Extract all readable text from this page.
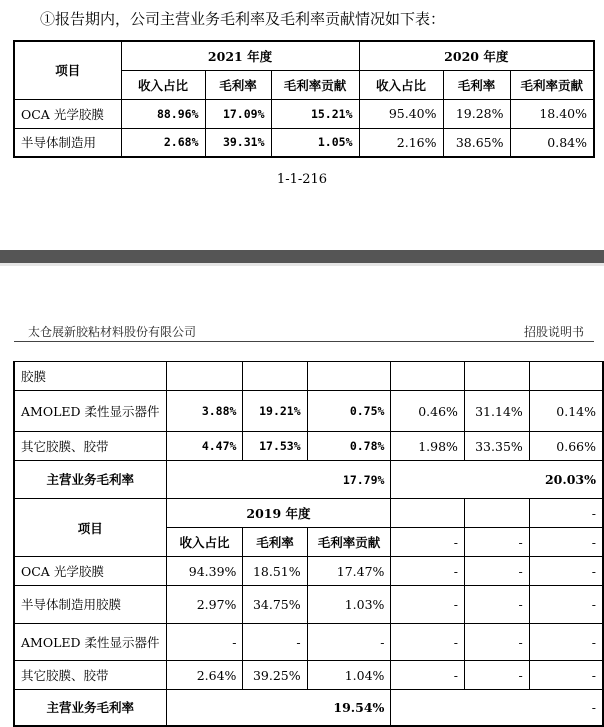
①报告期内，公司主营业务毛利率及毛利率贡献情况如下表：
项目	2021 年度			2020 年度		
	收入占比	毛利率	毛利率贡献	收入占比	毛利率	毛利率贡献
OCA 光学胶膜	88.96%	17.09%	15.21%	95.40%	19.28%	18.40%
半导体制造用	2.68%	39.31%	1.05%	2.16%	38.65%	0.84%
1-1-216
太仓展新胶粘材料股份有限公司	招股说明书
胶膜						
AMOLED 柔性显示器件	3.88%	19.21%	0.75%	0.46%	31.14%	0.14%
其它胶膜、胶带	4.47%	17.53%	0.78%	1.98%	33.35%	0.66%
主营业务毛利率	17.79%			20.03%		
项目	2019 年度					-
	收入占比	毛利率	毛利率贡献	-	-	-
OCA 光学胶膜	94.39%	18.51%	17.47%	-	-	-
半导体制造用胶膜	2.97%	34.75%	1.03%	-	-	-
AMOLED 柔性显示器件	-	-	-	-	-	-
其它胶膜、胶带	2.64%	39.25%	1.04%	-	-	-
主营业务毛利率	19.54%			-		
